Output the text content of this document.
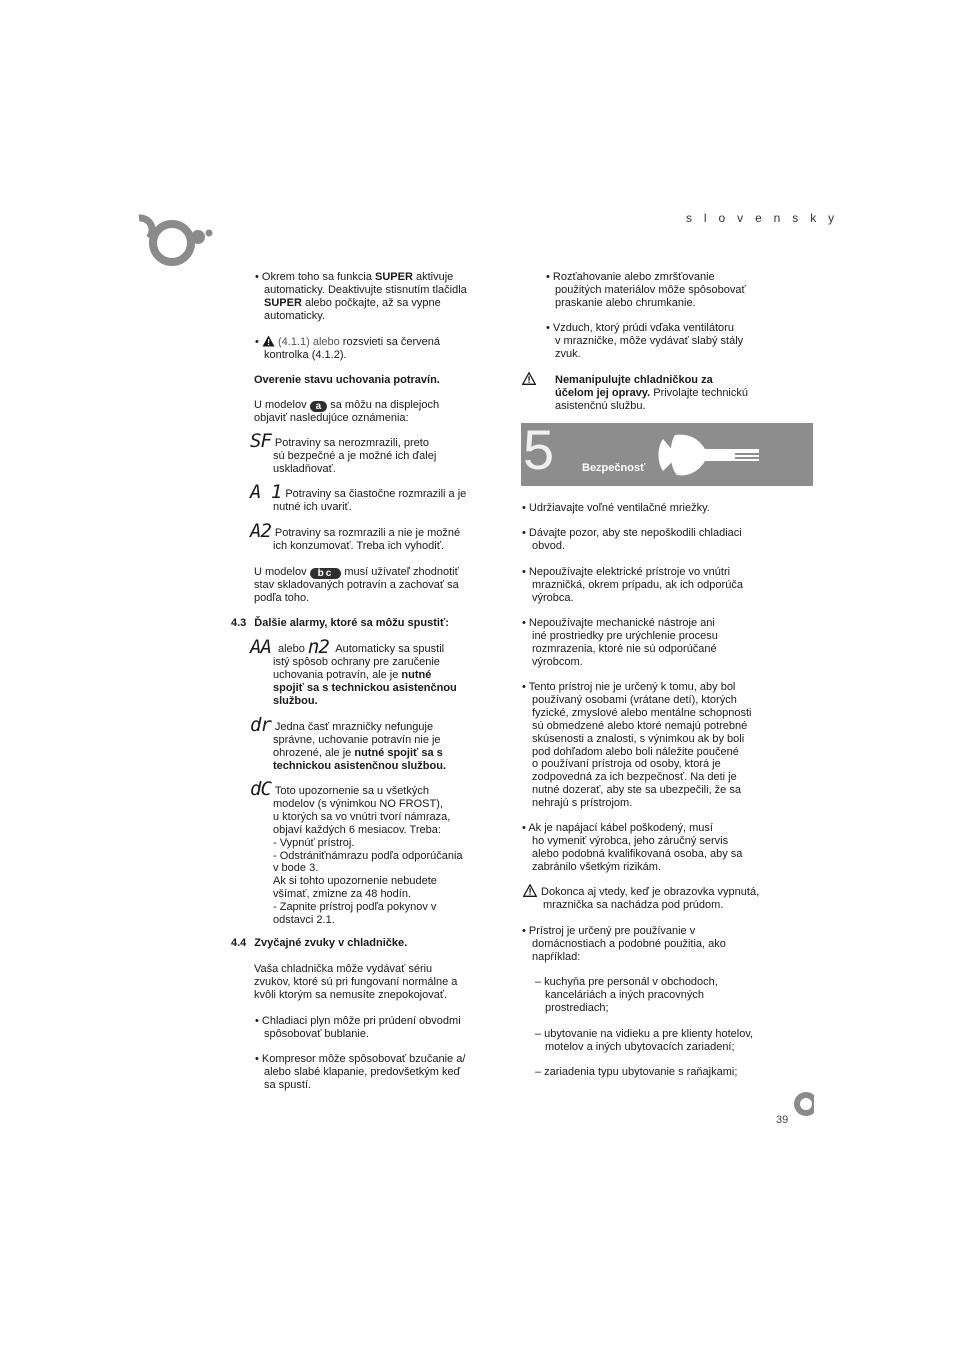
s l o v e n s k y
• Okrem toho sa funkcia SUPER aktivuje
automaticky. Deaktivujte stisnutím tlačidla
SUPER alebo počkajte, až sa vypne
automaticky.
•  (4.1.1) alebo rozsvieti sa červená
kontrolka (4.1.2).
Overenie stavu uchovania potravín.
U modelov a sa môžu na displejoch
objaviť nasledujúce oznámenia:
SF Potraviny sa nerozmrazili, preto
sú bezpečné a je možné ich ďalej
uskladňovať.
A 1 Potraviny sa čiastočne rozmrazili a je
nutné ich uvariť.
A2 Potraviny sa rozmrazili a nie je možné
ich konzumovať. Treba ich vyhodiť.
U modelov bc musí užívateľ zhodnotiť
stav skladovaných potravín a zachovať sa
podľa toho.
4.3 Ďalšie alarmy, ktoré sa môžu spustiť:
AA alebo n2 Automaticky sa spustil
istý spôsob ochrany pre zaručenie
uchovania potravín, ale je nutné
spojiť sa s technickou asistenčnou
službou.
dr Jedna časť mrazničky nefunguje
správne, uchovanie potravín nie je
ohrozené, ale je nutné spojiť sa s
technickou asistenčnou službou.
dC Toto upozornenie sa u všetkých
modelov (s výnimkou NO FROST),
u ktorých sa vo vnútri tvorí námraza,
objaví každých 6 mesiacov. Treba:
- Vypnúť prístroj.
- Odstrániťnámrazu podľa odporúčania
v bode 3.
Ak si tohto upozornenie nebudete
všímať, zmizne za 48 hodín.
- Zapnite prístroj podľa pokynov v
odstavci 2.1.
4.4 Zvyčajné zvuky v chladničke.
Vaša chladnička môže vydávať sériu
zvukov, ktoré sú pri fungovaní normálne a
kvôli ktorým sa nemusíte znepokojovať.
• Chladiaci plyn môže pri prúdení obvodmi
spôsobovať bublanie.
• Kompresor môže spôsobovať bzučanie a/
alebo slabé klapanie, predovšetkým keď
sa spustí.
• Rozťahovanie alebo zmršťovanie
použitých materiálov môže spôsobovať
praskanie alebo chrumkanie.
• Vzduch, ktorý prúdi vďaka ventilátoru
v mrazničke, môže vydávať slabý stály
zvuk.
Nemanipulujte chladničkou za
účelom jej opravy. Privolajte technickú
asistenčnú službu.
5	Bezpečnosť
• Udržiavajte voľné ventilačné mriežky.
• Dávajte pozor, aby ste nepoškodili chladiaci
obvod.
• Nepoužívajte elektrické prístroje vo vnútri
mrazničká, okrem prípadu, ak ich odporúča
výrobca.
• Nepoužívajte mechanické nástroje ani
iné prostriedky pre urýchlenie procesu
rozmrazenia, ktoré nie sú odporúčané
výrobcom.
• Tento prístroj nie je určený k tomu, aby bol
používaný osobami (vrátane detí), ktorých
fyzické, zmyslové alebo mentálne schopnosti
sú obmedzené alebo ktoré nemajú potrebné
skúsenosti a znalosti, s výnimkou ak by boli
pod dohľadom alebo boli náležite poučené
o používaní prístroja od osoby, ktorá je
zodpovedná za ich bezpečnosť. Na deti je
nutné dozerať, aby ste sa ubezpečili, že sa
nehrajú s prístrojom.
• Ak je napájací kábel poškodený, musí
ho vymeniť výrobca, jeho záručný servis
alebo podobná kvalifikovaná osoba, aby sa
zabránilo všetkým rizikám.
Dokonca aj vtedy, keď je obrazovka vypnutá,
mraznička sa nachádza pod prúdom.
• Prístroj je určený pre používanie v
domácnostiach a podobné použitia, ako
napŕíklad:
– kuchyňa pre personál v obchodoch,
kanceláriách a iných pracovných
prostrediach;
– ubytovanie na vidieku a pre klienty hotelov,
motelov a iných ubytovacích zariadení;
– zariadenia typu ubytovanie s raňajkami;
39
